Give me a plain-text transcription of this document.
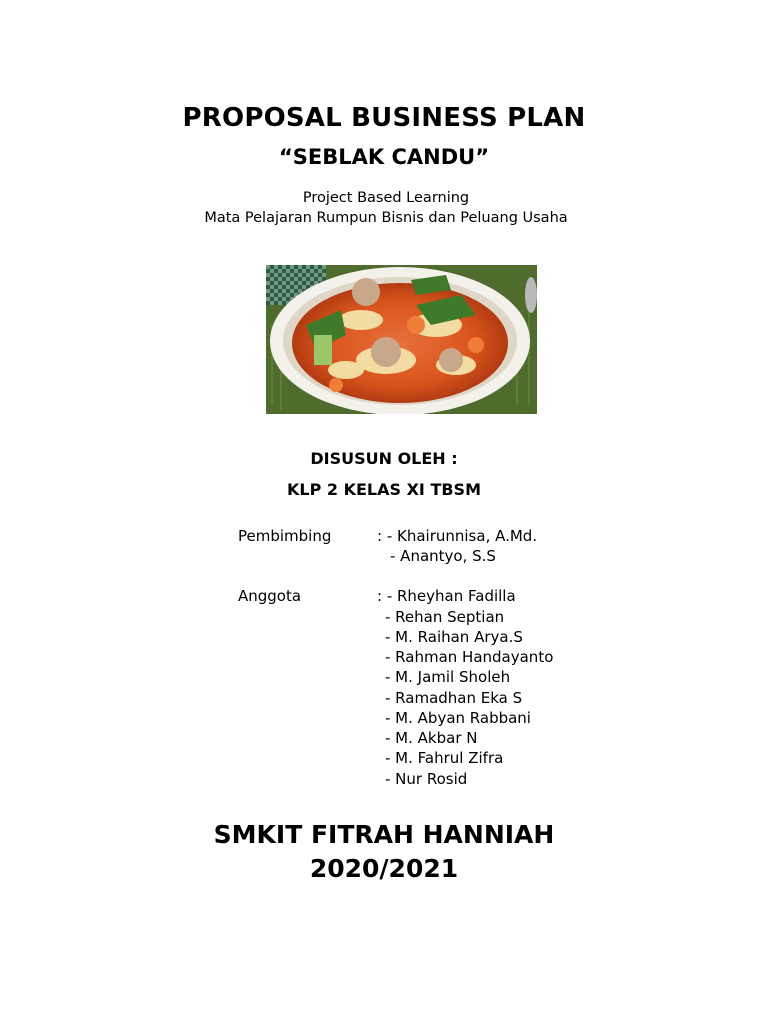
PROPOSAL BUSINESS PLAN
“SEBLAK CANDU”
Project Based Learning
Mata Pelajaran Rumpun Bisnis dan Peluang Usaha
DISUSUN OLEH :
KLP 2 KELAS XI TBSM
Pembimbing	: - Khairunnisa, A.Md.
- Anantyo, S.S
Anggota	: - Rheyhan Fadilla
- Rehan Septian
- M. Raihan Arya.S
- Rahman Handayanto
- M. Jamil Sholeh
- Ramadhan Eka S
- M. Abyan Rabbani
- M. Akbar N
- M. Fahrul Zifra
- Nur Rosid
SMKIT FITRAH HANNIAH
2020/2021
